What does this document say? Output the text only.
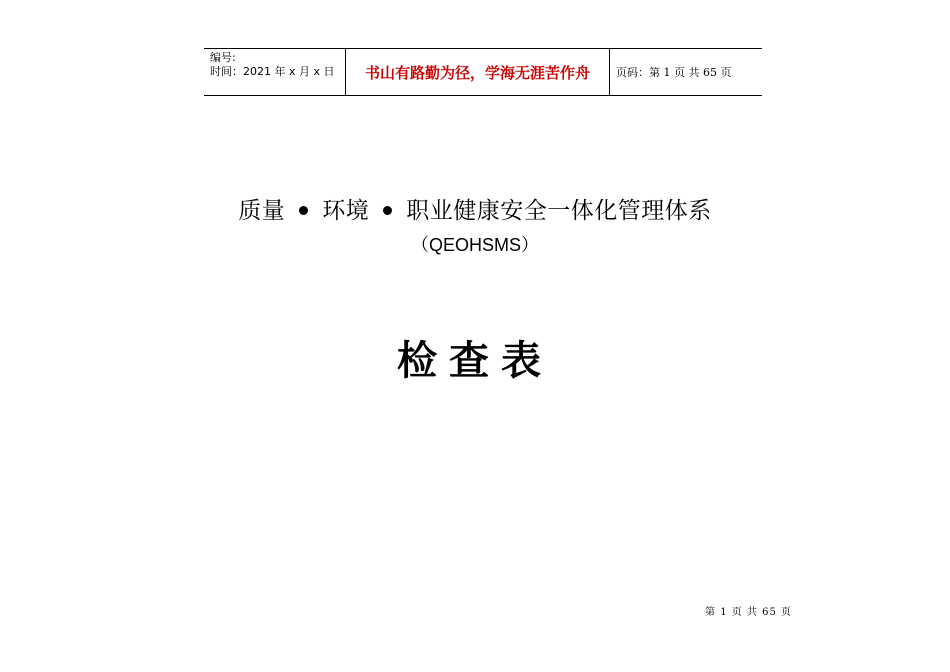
编号:
时间：2021 年 x 月 x 日	书山有路勤为径，学海无涯苦作舟 页码：第 1 页 共 65 页
质量 环境 职业健康安全一体化管理体系
（QEOHSMS）
检查表
第 1 页 共 65 页
